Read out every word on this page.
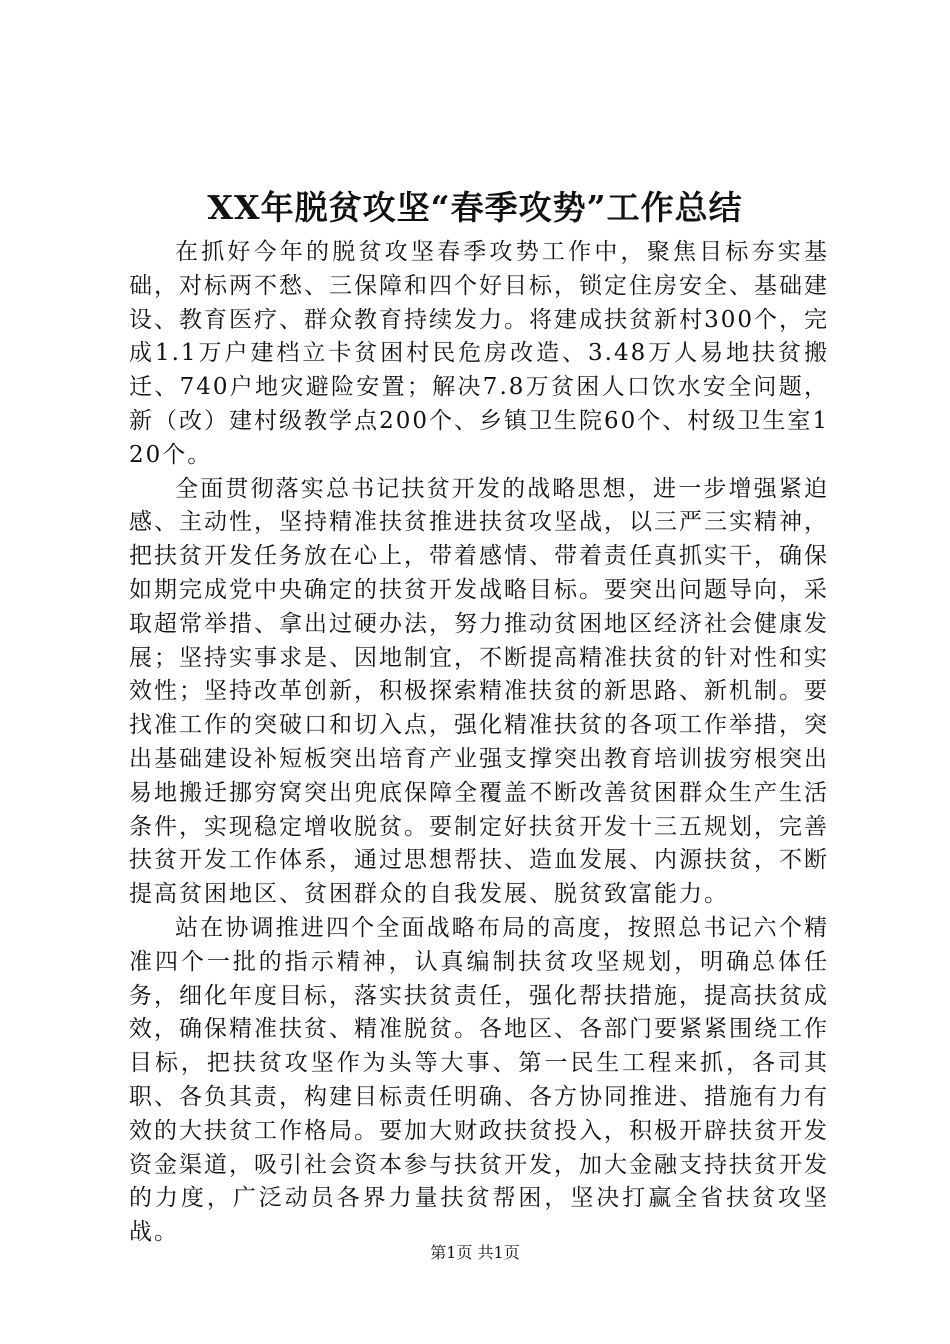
XX年脱贫攻坚“春季攻势”工作总结

在抓好今年的脱贫攻坚春季攻势工作中，聚焦目标夯实基础，对标两不愁、三保障和四个好目标，锁定住房安全、基础建设、教育医疗、群众教育持续发力。将建成扶贫新村300个，完成1.1万户建档立卡贫困村民危房改造、3.48万人易地扶贫搬迁、740户地灾避险安置；解决7.8万贫困人口饮水安全问题，新（改）建村级教学点200个、乡镇卫生院60个、村级卫生室120个。

全面贯彻落实总书记扶贫开发的战略思想，进一步增强紧迫感、主动性，坚持精准扶贫推进扶贫攻坚战，以三严三实精神，把扶贫开发任务放在心上，带着感情、带着责任真抓实干，确保如期完成党中央确定的扶贫开发战略目标。要突出问题导向，采取超常举措、拿出过硬办法，努力推动贫困地区经济社会健康发展；坚持实事求是、因地制宜，不断提高精准扶贫的针对性和实效性；坚持改革创新，积极探索精准扶贫的新思路、新机制。要找准工作的突破口和切入点，强化精准扶贫的各项工作举措，突出基础建设补短板突出培育产业强支撑突出教育培训拔穷根突出易地搬迁挪穷窝突出兜底保障全覆盖不断改善贫困群众生产生活条件，实现稳定增收脱贫。要制定好扶贫开发十三五规划，完善扶贫开发工作体系，通过思想帮扶、造血发展、内源扶贫，不断提高贫困地区、贫困群众的自我发展、脱贫致富能力。

站在协调推进四个全面战略布局的高度，按照总书记六个精准四个一批的指示精神，认真编制扶贫攻坚规划，明确总体任务，细化年度目标，落实扶贫责任，强化帮扶措施，提高扶贫成效，确保精准扶贫、精准脱贫。各地区、各部门要紧紧围绕工作目标，把扶贫攻坚作为头等大事、第一民生工程来抓，各司其职、各负其责，构建目标责任明确、各方协同推进、措施有力有效的大扶贫工作格局。要加大财政扶贫投入，积极开辟扶贫开发资金渠道，吸引社会资本参与扶贫开发，加大金融支持扶贫开发的力度，广泛动员各界力量扶贫帮困，坚决打赢全省扶贫攻坚战。

第1页 共1页
